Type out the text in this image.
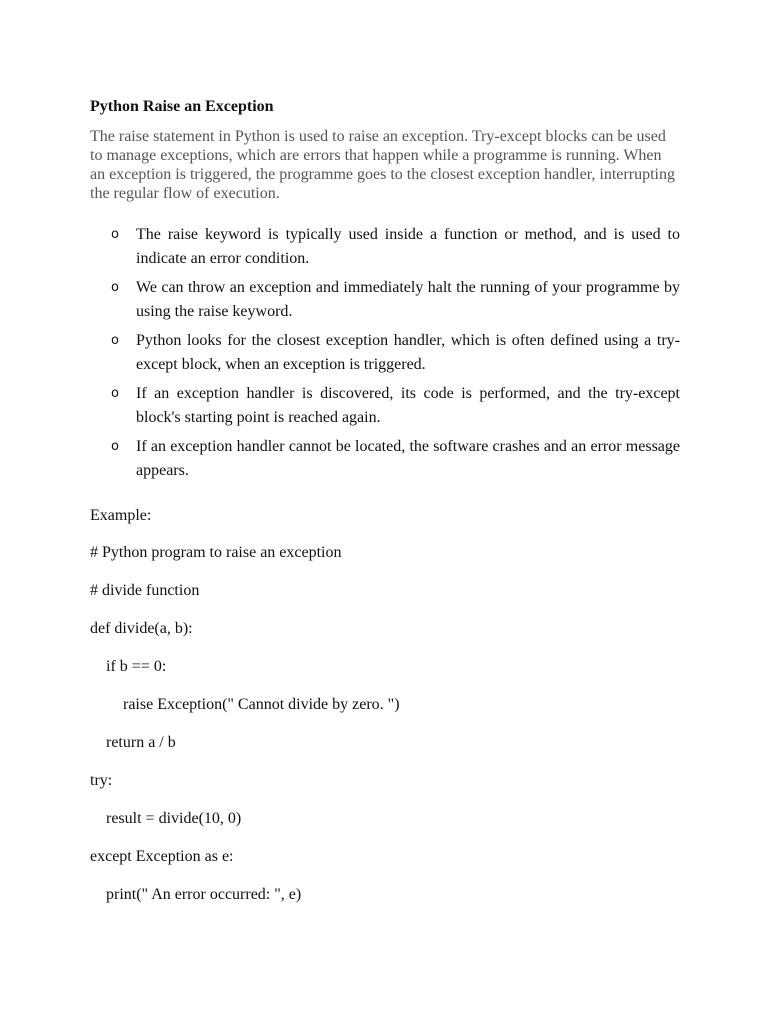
Python Raise an Exception

The raise statement in Python is used to raise an exception. Try-except blocks can be used to manage exceptions, which are errors that happen while a programme is running. When an exception is triggered, the programme goes to the closest exception handler, interrupting the regular flow of execution.

o The raise keyword is typically used inside a function or method, and is used to indicate an error condition.
o We can throw an exception and immediately halt the running of your programme by using the raise keyword.
o Python looks for the closest exception handler, which is often defined using a try-except block, when an exception is triggered.
o If an exception handler is discovered, its code is performed, and the try-except block's starting point is reached again.
o If an exception handler cannot be located, the software crashes and an error message appears.

Example:

# Python program to raise an exception

# divide function

def divide(a, b):

if b == 0:

raise Exception(" Cannot divide by zero. ")

return a / b

try:

result = divide(10, 0)

except Exception as e:

print(" An error occurred: ", e)
